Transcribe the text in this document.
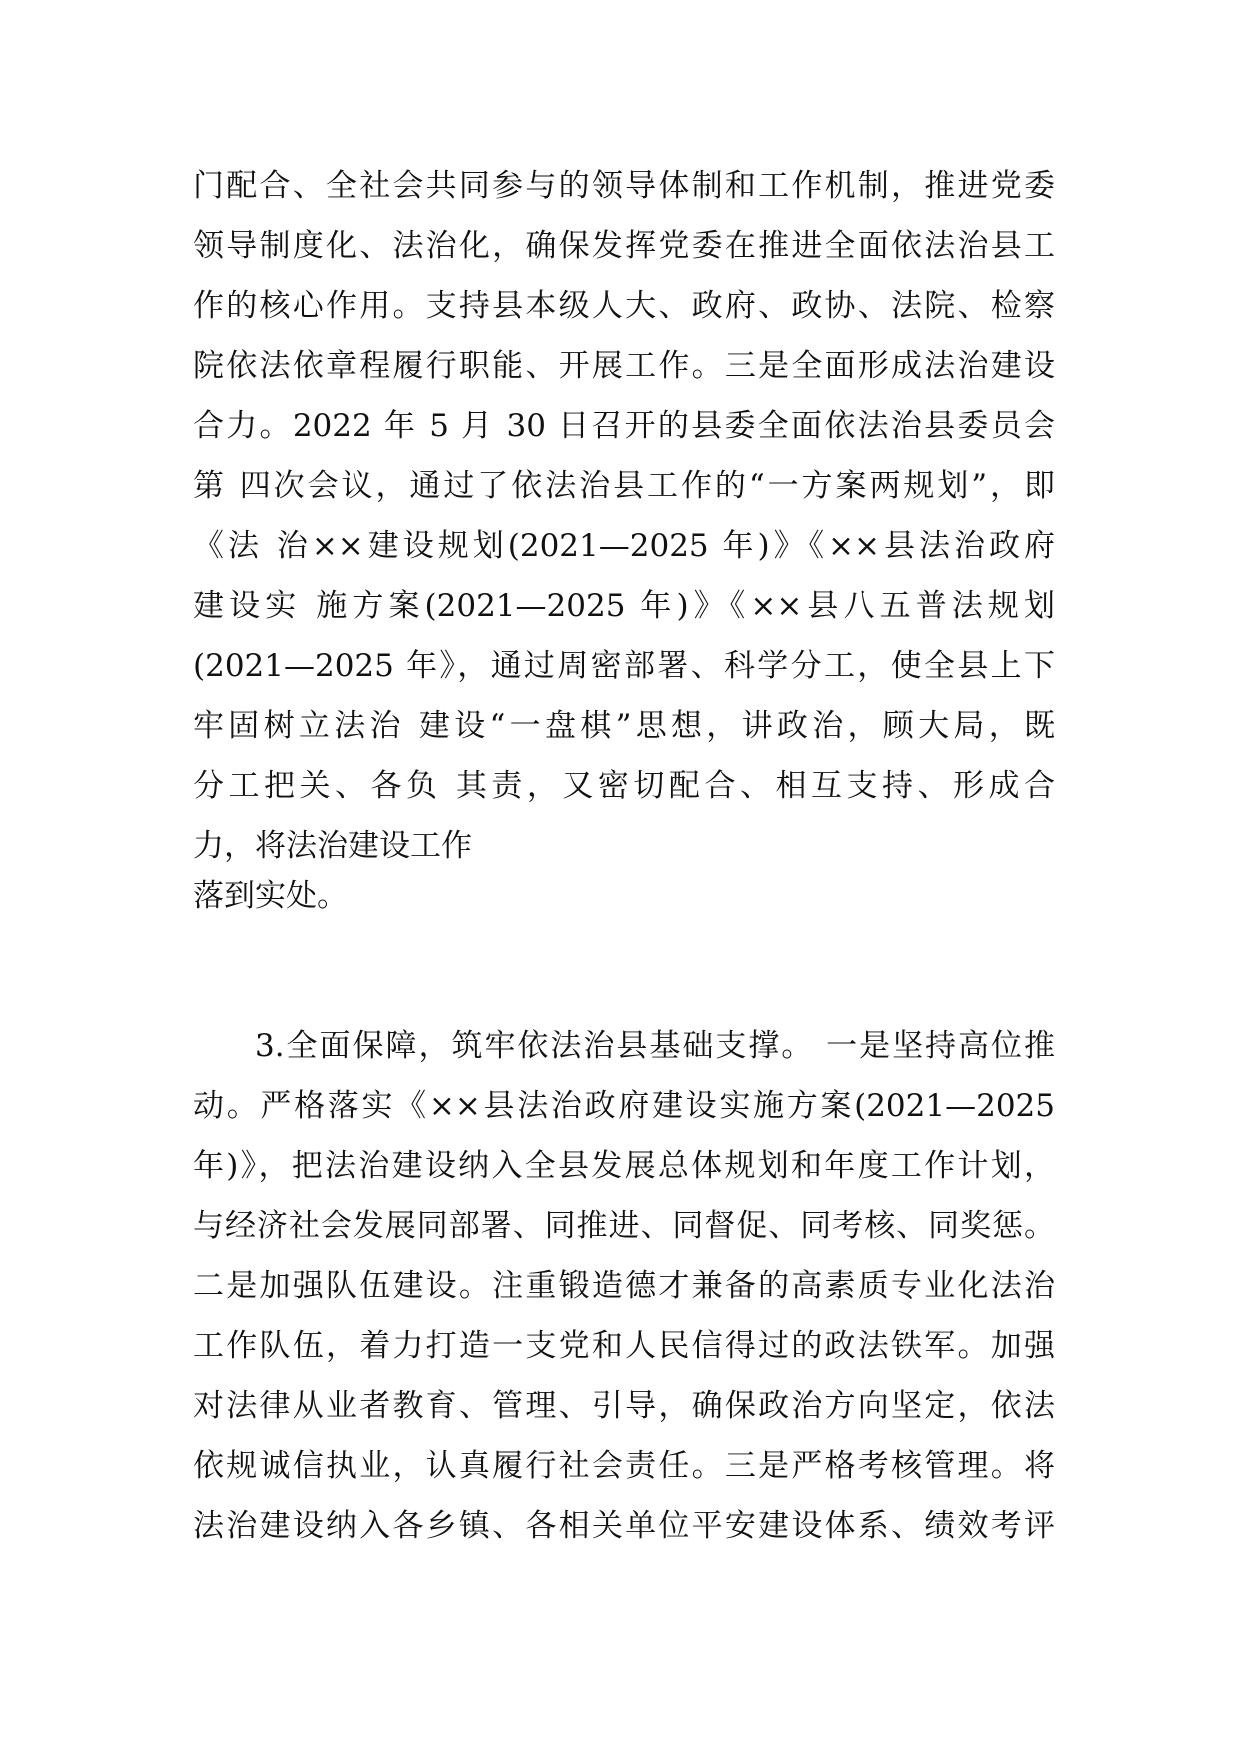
门配合、全社会共同参与的领导体制和工作机制，推进党委
领导制度化、法治化，确保发挥党委在推进全面依法治县工
作的核心作用。支持县本级人大、政府、政协、法院、检察
院依法依章程履行职能、开展工作。三是全面形成法治建设
合力。2022 年 5 月 30 日召开的县委全面依法治县委员会
第 四次会议，通过了依法治县工作的“一方案两规划”，即
《法 治××建设规划(2021—2025 年)》《××县法治政府
建设实 施方案(2021—2025 年)》《××县八五普法规划
(2021—2025 年》，通过周密部署、科学分工，使全县上下
牢固树立法治 建设“一盘棋”思想，讲政治，顾大局，既
分工把关、各负 其责，又密切配合、相互支持、形成合
力，将法治建设工作
落到实处。
3.全面保障，筑牢依法治县基础支撑。 一是坚持高位推
动。严格落实《××县法治政府建设实施方案(2021—2025
年)》，把法治建设纳入全县发展总体规划和年度工作计划，
与经济社会发展同部署、同推进、同督促、同考核、同奖惩。
二是加强队伍建设。注重锻造德才兼备的高素质专业化法治
工作队伍，着力打造一支党和人民信得过的政法铁军。加强
对法律从业者教育、管理、引导，确保政治方向坚定，依法
依规诚信执业，认真履行社会责任。三是严格考核管理。将
法治建设纳入各乡镇、各相关单位平安建设体系、绩效考评
